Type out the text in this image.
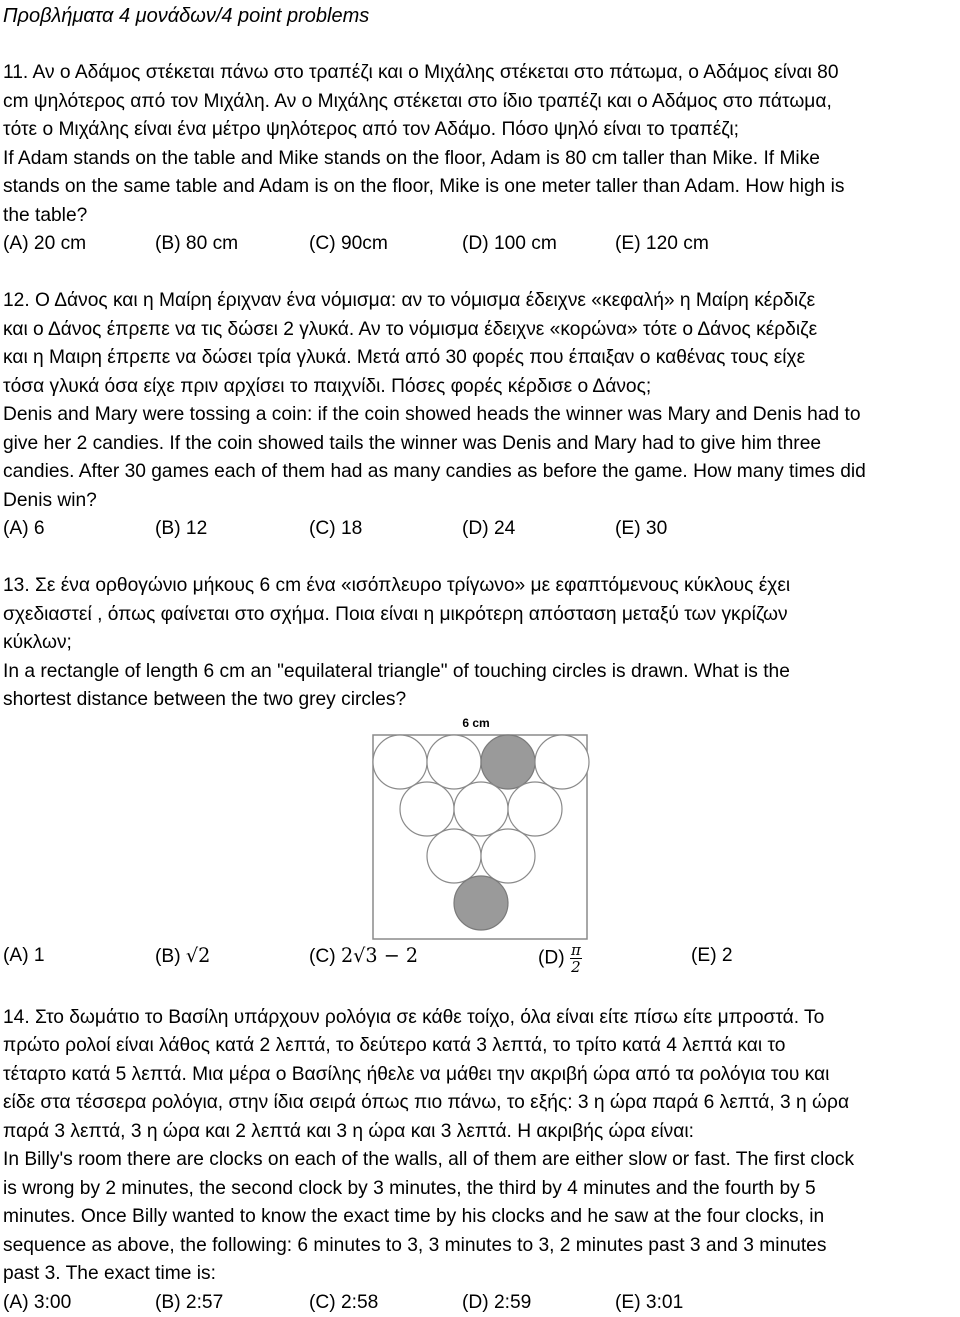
Προβλήματα 4 μονάδων/4 point problems
11. Αν ο Αδάμος στέκεται πάνω στο τραπέζι και ο Μιχάλης στέκεται στο πάτωμα, ο Αδάμος είναι 80
cm ψηλότερος από τον Μιχάλη. Αν ο Μιχάλης στέκεται στο ίδιο τραπέζι και ο Αδάμος στο πάτωμα,
τότε ο Μιχάλης είναι ένα μέτρο ψηλότερος από τον Αδάμο. Πόσο ψηλό είναι το τραπέζι;
If Adam stands on the table and Mike stands on the floor, Adam is 80 cm taller than Mike. If Mike
stands on the same table and Adam is on the floor, Mike is one meter taller than Adam. How high is
the table?
(A) 20 cm	(B) 80 cm	(C) 90cm	(D) 100 cm	(E) 120 cm
12. Ο Δάνος και η Μαίρη έριχναν ένα νόμισμα: αν το νόμισμα έδειχνε «κεφαλή» η Μαίρη κέρδιζε
και ο Δάνος έπρεπε να τις δώσει 2 γλυκά. Αν το νόμισμα έδειχνε «κορώνα» τότε ο Δάνος κέρδιζε
και η Μαιρη έπρεπε να δώσει τρία γλυκά. Μετά από 30 φορές που έπαιξαν ο καθένας τους είχε
τόσα γλυκά όσα είχε πριν αρχίσει το παιχνίδι. Πόσες φορές κέρδισε ο Δάνος;
Denis and Mary were tossing a coin: if the coin showed heads the winner was Mary and Denis had to
give her 2 candies. If the coin showed tails the winner was Denis and Mary had to give him three
candies. After 30 games each of them had as many candies as before the game. How many times did
Denis win?
(A) 6	(B) 12	(C) 18	(D) 24	(E) 30
13. Σε ένα ορθογώνιο μήκους 6 cm ένα «ισόπλευρο τρίγωνο» με εφαπτόμενους κύκλους έχει
σχεδιαστεί , όπως φαίνεται στο σχήμα. Ποια είναι η μικρότερη απόσταση μεταξύ των γκρίζων
κύκλων;
In a rectangle of length 6 cm an "equilateral triangle" of touching circles is drawn. What is the
shortest distance between the two grey circles?
6 cm
(A) 1	(B) √2	(C) 2√3 − 2	$(D) \frac{\pi}{2}$	(E) 2
14. Στο δωμάτιο το Βασίλη υπάρχουν ρολόγια σε κάθε τοίχο, όλα είναι είτε πίσω είτε μπροστά. Το
πρώτο ρολοί είναι λάθος κατά 2 λεπτά, το δεύτερο κατά 3 λεπτά, το τρίτο κατά 4 λεπτά και το
τέταρτο κατά 5 λεπτά. Μια μέρα ο Βασίλης ήθελε να μάθει την ακριβή ώρα από τα ρολόγια του και
είδε στα τέσσερα ρολόγια, στην ίδια σειρά όπως πιο πάνω, το εξής: 3 η ώρα παρά 6 λεπτά, 3 η ώρα
παρά 3 λεπτά, 3 η ώρα και 2 λεπτά και 3 η ώρα και 3 λεπτά. Η ακριβής ώρα είναι:
In Billy's room there are clocks on each of the walls, all of them are either slow or fast. The first clock
is wrong by 2 minutes, the second clock by 3 minutes, the third by 4 minutes and the fourth by 5
minutes. Once Billy wanted to know the exact time by his clocks and he saw at the four clocks, in
sequence as above, the following: 6 minutes to 3, 3 minutes to 3, 2 minutes past 3 and 3 minutes
past 3. The exact time is:
(A) 3:00	(B) 2:57	(C) 2:58	(D) 2:59	(E) 3:01
